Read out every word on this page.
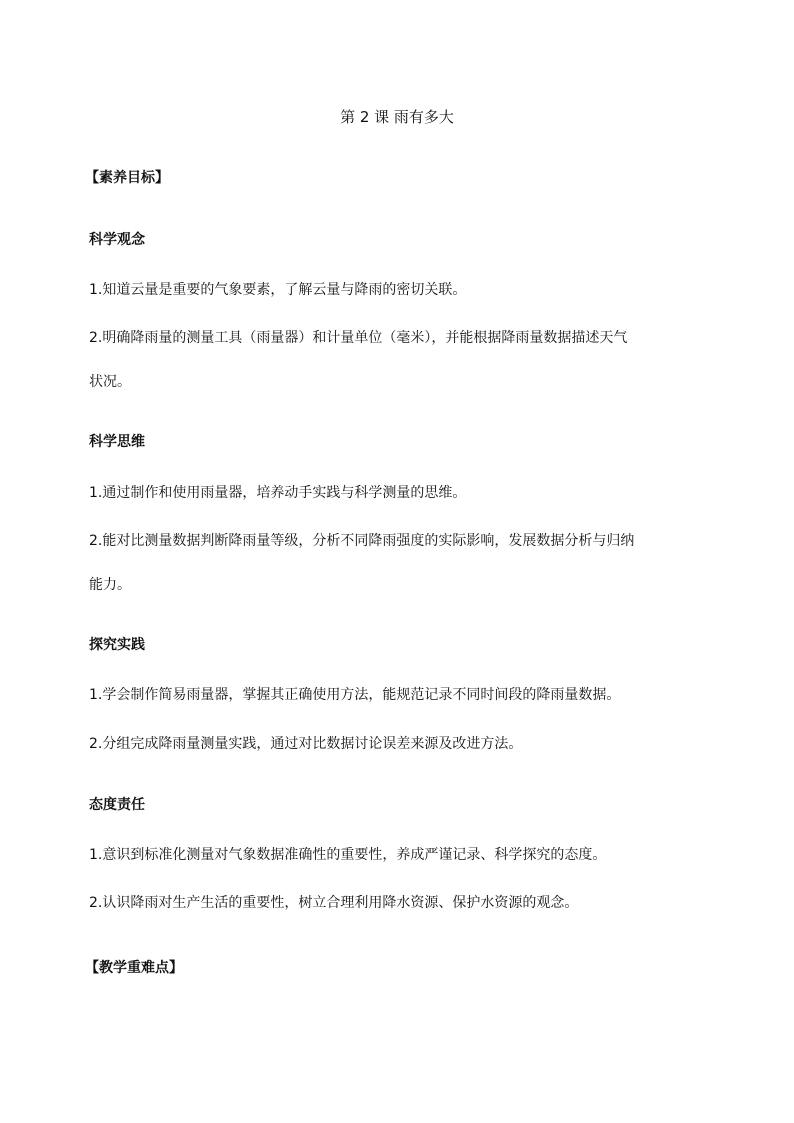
第 2 课 雨有多大
【素养目标】
科学观念
1.知道云量是重要的气象要素，了解云量与降雨的密切关联。
2.明确降雨量的测量工具（雨量器）和计量单位（毫米），并能根据降雨量数据描述天气
状况。
科学思维
1.通过制作和使用雨量器，培养动手实践与科学测量的思维。
2.能对比测量数据判断降雨量等级，分析不同降雨强度的实际影响，发展数据分析与归纳
能力。
探究实践
1.学会制作简易雨量器，掌握其正确使用方法，能规范记录不同时间段的降雨量数据。
2.分组完成降雨量测量实践，通过对比数据讨论误差来源及改进方法。
态度责任
1.意识到标准化测量对气象数据准确性的重要性，养成严谨记录、科学探究的态度。
2.认识降雨对生产生活的重要性，树立合理利用降水资源、保护水资源的观念。
【教学重难点】
